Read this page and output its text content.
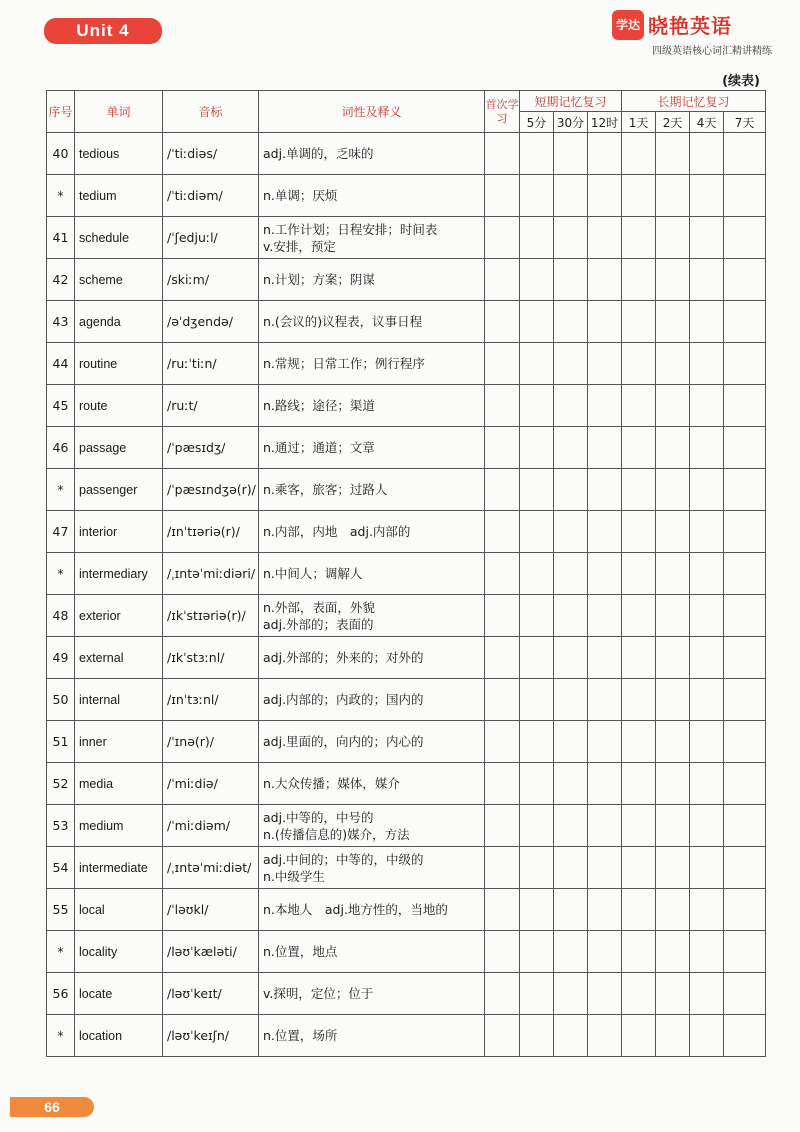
Unit 4	学达 晓艳英语
四级英语核心词汇精讲精练
(续表)
序号	单词	音标	词性及释义	首次学习	短期记忆复习			长期记忆复习			
					5分	30分	12时	1天	2天	4天	7天
40	tedious	/ˈtiːdiəs/	adj.单调的，乏味的								
*	tedium	/ˈtiːdiəm/	n.单调；厌烦								
41	schedule	/ˈʃedjuːl/	n.工作计划；日程安排；时间表
v.安排，预定								
42	scheme	/skiːm/	n.计划；方案；阴谋								
43	agenda	/əˈdʒendə/	n.(会议的)议程表，议事日程								
44	routine	/ruːˈtiːn/	n.常规；日常工作；例行程序								
45	route	/ruːt/	n.路线；途径；渠道								
46	passage	/ˈpæsɪdʒ/	n.通过；通道；文章								
*	passenger	/ˈpæsɪndʒə(r)/	n.乘客，旅客；过路人								
47	interior	/ɪnˈtɪəriə(r)/	n.内部，内地　adj.内部的								
*	intermediary	/ˌɪntəˈmiːdiəri/	n.中间人；调解人								
48	exterior	/ɪkˈstɪəriə(r)/	n.外部，表面，外貌
adj.外部的；表面的								
49	external	/ɪkˈstɜːnl/	adj.外部的；外来的；对外的								
50	internal	/ɪnˈtɜːnl/	adj.内部的；内政的；国内的								
51	inner	/ˈɪnə(r)/	adj.里面的，向内的；内心的								
52	media	/ˈmiːdiə/	n.大众传播；媒体，媒介								
53	medium	/ˈmiːdiəm/	adj.中等的，中号的
n.(传播信息的)媒介，方法								
54	intermediate	/ˌɪntəˈmiːdiət/	adj.中间的；中等的，中级的
n.中级学生								
55	local	/ˈləʊkl/	n.本地人　adj.地方性的，当地的								
*	locality	/ləʊˈkæləti/	n.位置，地点								
56	locate	/ləʊˈkeɪt/	v.探明，定位；位于								
*	location	/ləʊˈkeɪʃn/	n.位置，场所								
66
